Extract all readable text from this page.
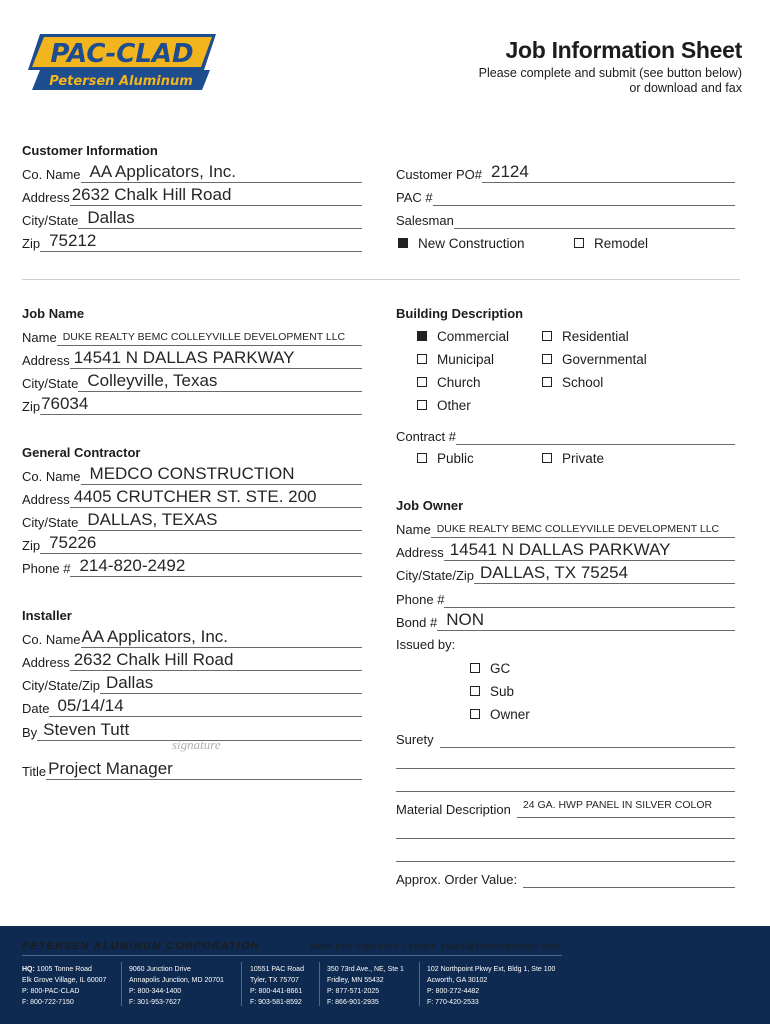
PAC-CLAD
Petersen Aluminum
Job Information Sheet
Please complete and submit (see button below)
or download and fax
Customer Information
Co. Name AA Applicators, Inc.
Address 2632 Chalk Hill Road
City/State Dallas
Zip 75212
Customer PO# 2124
PAC #
Salesman
New Construction	Remodel
Job Name
Name DUKE REALTY BEMC COLLEYVILLE DEVELOPMENT LLC
Address 14541 N DALLAS PARKWAY
City/State Colleyville, Texas
Zip 76034
Building Description
Commercial	Residential
Municipal	Governmental
Church	School
Other
Contract #
Public	Private
General Contractor
Co. Name MEDCO CONSTRUCTION
Address 4405 CRUTCHER ST. STE. 200
City/State DALLAS, TEXAS
Zip 75226
Phone # 214-820-2492
Job Owner
Name DUKE REALTY BEMC COLLEYVILLE DEVELOPMENT LLC
Address 14541 N DALLAS PARKWAY
City/State/Zip DALLAS, TX 75254
Phone #
Bond # NON
Issued by:
GC
Sub
Owner
Surety
Material Description	24 GA. HWP PANEL IN SILVER COLOR
Approx. Order Value:
Installer
Co. Name AA Applicators, Inc.
Address 2632 Chalk Hill Road
City/State/Zip Dallas
Date 05/14/14
By Steven Tutt
signature
Title Project Manager
PETERSEN ALUMINUM CORPORATION	www.pac-clad.com / email: sales@petersenmail.com
HQ: 1005 Tonne Road
Elk Grove Village, IL 60007
P: 800-PAC-CLAD
F: 800-722-7150
9060 Junction Drive
Annapolis Junction, MD 20701
P: 800-344-1400
F: 301-953-7627
10551 PAC Road
Tyler, TX 75707
P: 800-441-8661
F: 903-581-8592
350 73rd Ave., NE, Ste 1
Fridley, MN 55432
P: 877-571-2025
F: 866-901-2935
102 Northpoint Pkwy Ext, Bldg 1, Ste 100
Acworth, GA 30102
P: 800-272-4482
F: 770-420-2533
